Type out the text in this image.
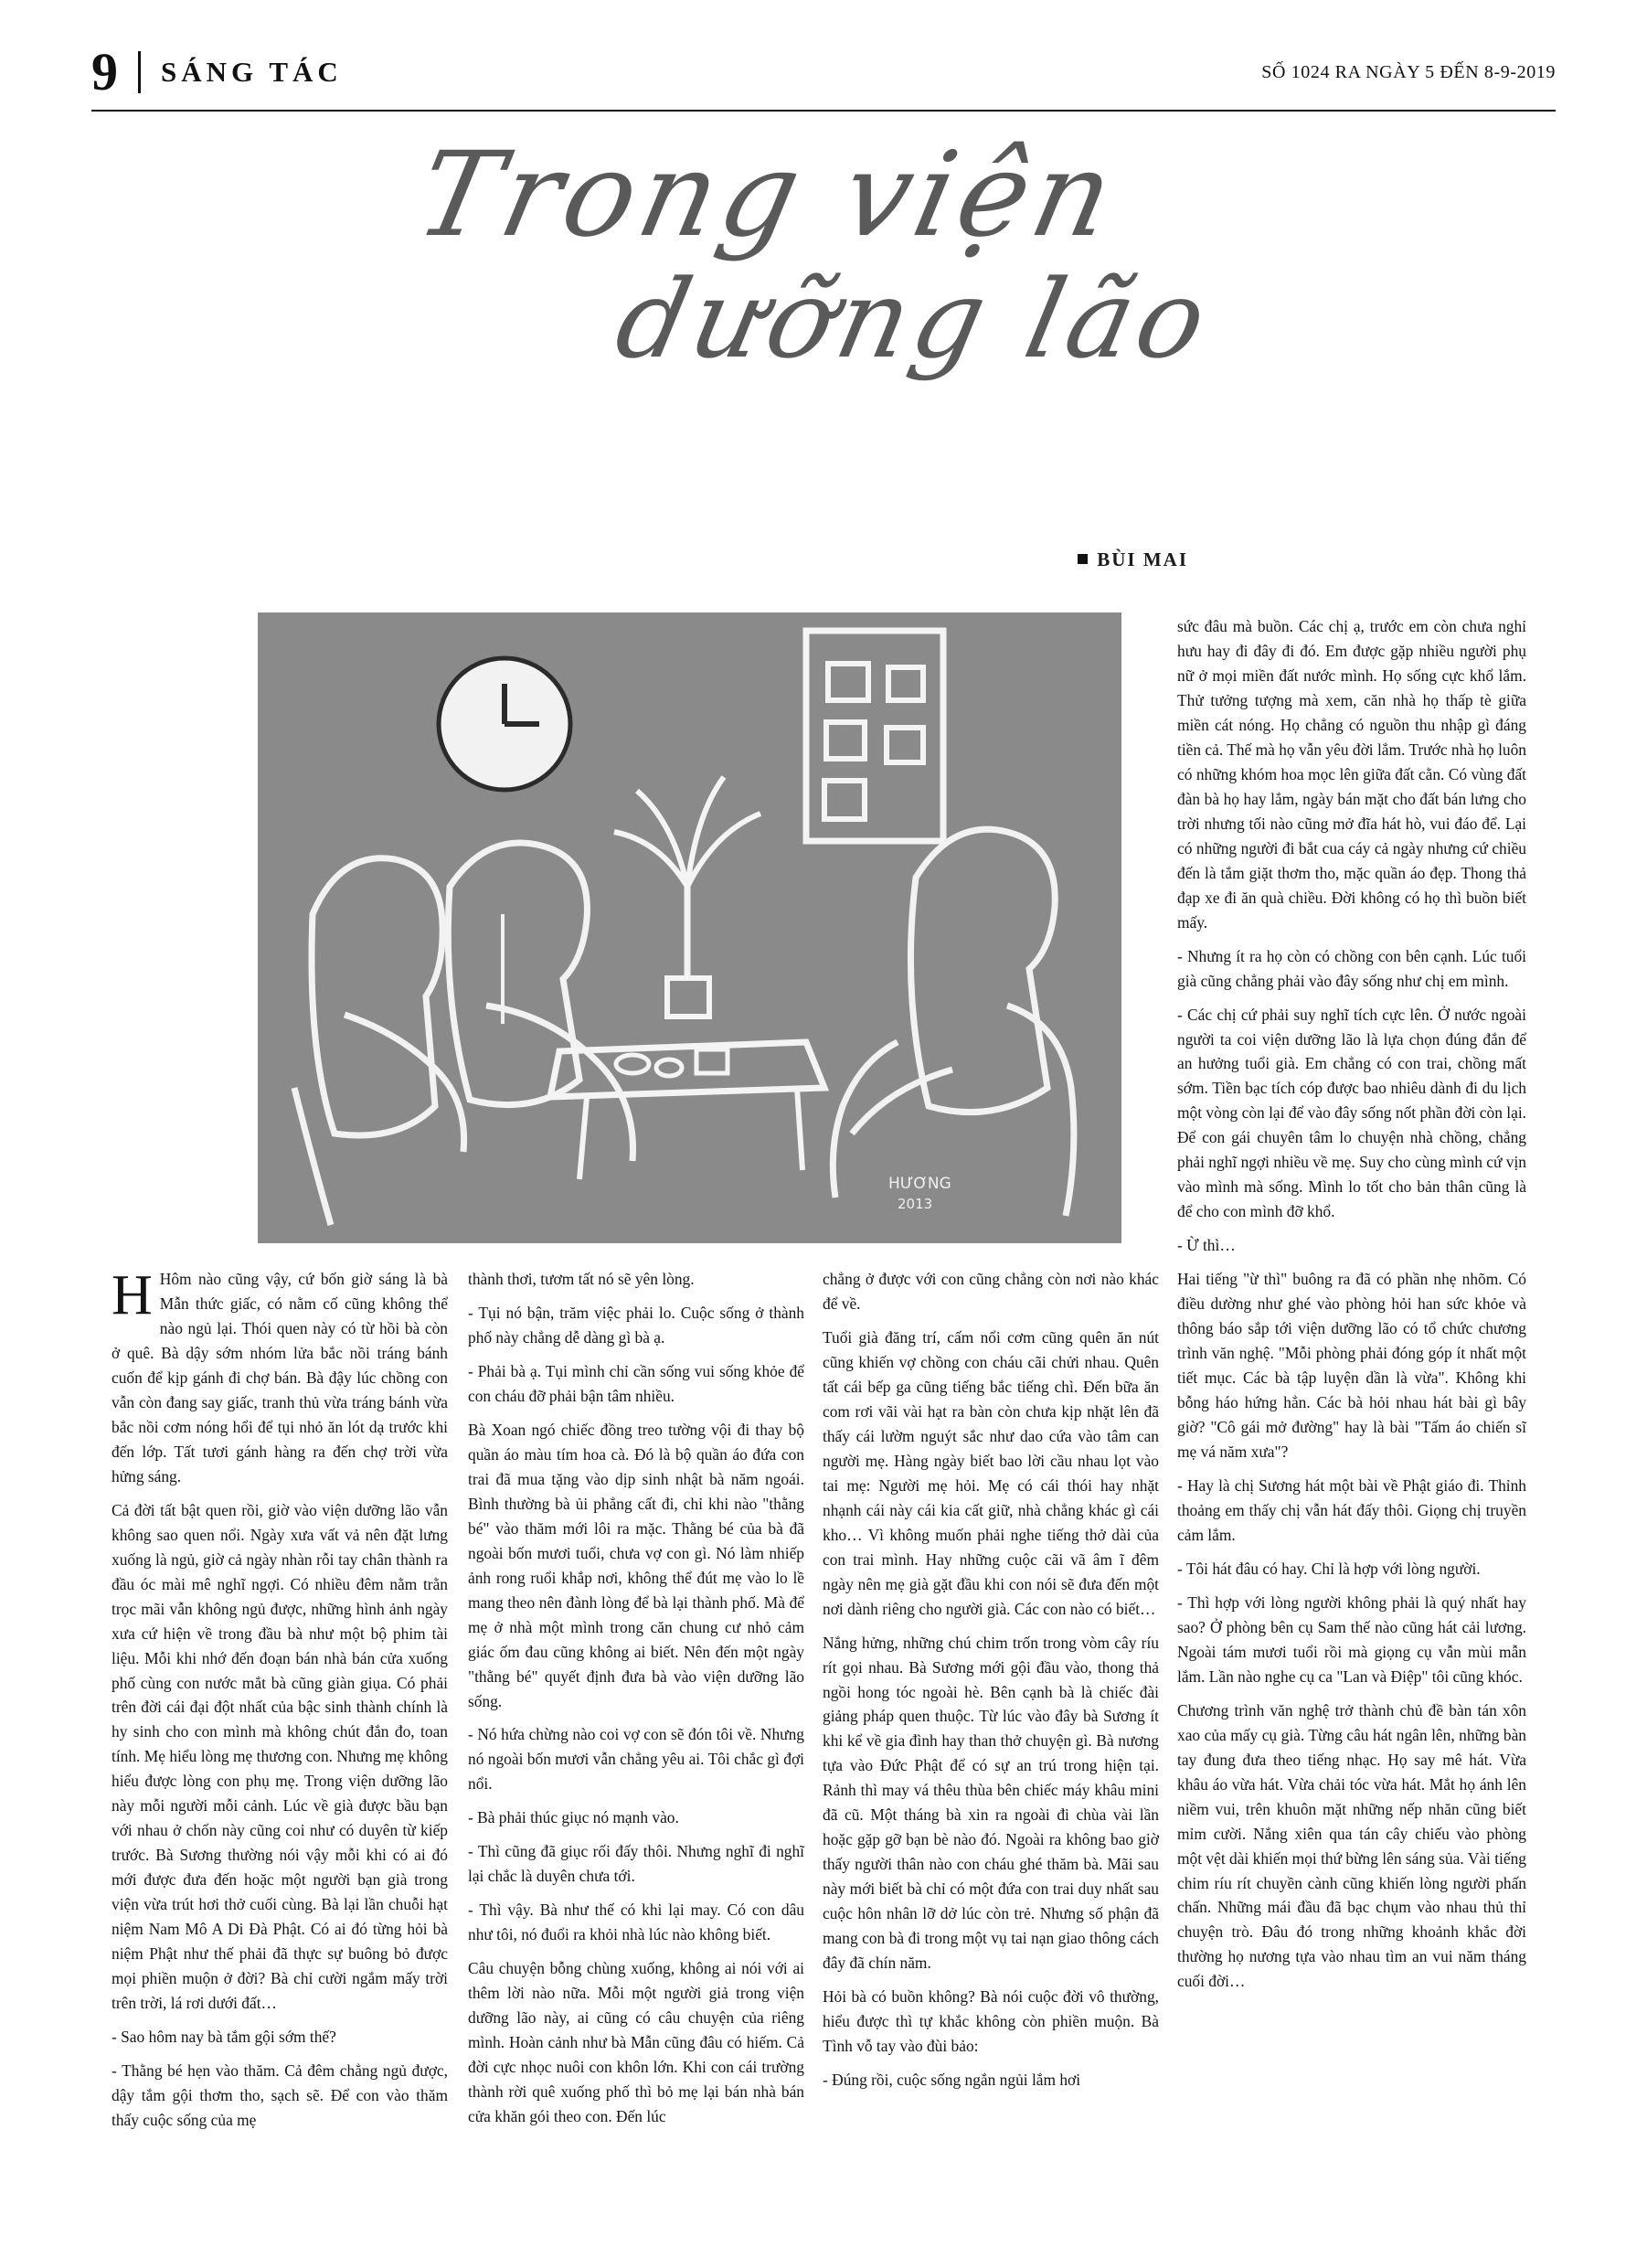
9 SÁNG TÁC	SỐ 1024 RA NGÀY 5 ĐẾN 8-9-2019
Trong viện
dưỡng lão
BÙI MAI
HƯƠNG
2013

H Hôm nào cũng vậy, cứ bốn giờ sáng là bà Mẫn thức giấc, có nằm cố cũng không thể nào ngủ lại. Thói quen này có từ hồi bà còn ở quê. Bà dậy sớm nhóm lửa bắc nồi tráng bánh cuốn để kịp gánh đi chợ bán. Bà đậy lúc chồng con vẫn còn đang say giấc, tranh thủ vừa tráng bánh vừa bắc nồi cơm nóng hổi để tụi nhỏ ăn lót dạ trước khi đến lớp. Tất tươi gánh hàng ra đến chợ trời vừa hửng sáng.

Cả đời tất bật quen rồi, giờ vào viện dưỡng lão vẫn không sao quen nổi. Ngày xưa vất vả nên đặt lưng xuống là ngủ, giờ cả ngày nhàn rỗi tay chân thành ra đầu óc mài mê nghĩ ngợi. Có nhiều đêm nằm trằn trọc mãi vẫn không ngủ được, những hình ảnh ngày xưa cứ hiện về trong đầu bà như một bộ phim tài liệu. Mỗi khi nhớ đến đoạn bán nhà bán cửa xuống phố cùng con nước mắt bà cũng giàn giụa. Có phải trên đời cái đại đột nhất của bậc sinh thành chính là hy sinh cho con mình mà không chút đắn đo, toan tính. Mẹ hiểu lòng mẹ thương con. Nhưng mẹ không hiểu được lòng con phụ mẹ. Trong viện dưỡng lão này mỗi người mỗi cảnh. Lúc về già được bầu bạn với nhau ở chốn này cũng coi như có duyên từ kiếp trước. Bà Sương thường nói vậy mỗi khi có ai đó mới được đưa đến hoặc một người bạn già trong viện vừa trút hơi thở cuối cùng. Bà lại lần chuỗi hạt niệm Nam Mô A Di Đà Phật. Có ai đó từng hỏi bà niệm Phật như thế phải đã thực sự buông bỏ được mọi phiền muộn ở đời? Bà chỉ cười ngắm mấy trời trên trời, lá rơi dưới đất…

- Sao hôm nay bà tắm gội sớm thế?

- Thằng bé hẹn vào thăm. Cả đêm chẳng ngủ được, dậy tắm gội thơm tho, sạch sẽ. Để con vào thăm thấy cuộc sống của mẹ

thành thơi, tươm tất nó sẽ yên lòng.

- Tụi nó bận, trăm việc phải lo. Cuộc sống ở thành phố này chẳng dễ dàng gì bà ạ.

- Phải bà ạ. Tụi mình chỉ cần sống vui sống khỏe để con cháu đỡ phải bận tâm nhiều.

Bà Xoan ngó chiếc đồng treo tường vội đi thay bộ quần áo màu tím hoa cà. Đó là bộ quần áo đứa con trai đã mua tặng vào dịp sinh nhật bà năm ngoái. Bình thường bà ủi phẳng cất đi, chỉ khi nào "thằng bé" vào thăm mới lôi ra mặc. Thằng bé của bà đã ngoài bốn mươi tuổi, chưa vợ con gì. Nó làm nhiếp ảnh rong ruổi khắp nơi, không thể đút mẹ vào lo lề mang theo nên đành lòng để bà lại thành phố. Mà để mẹ ở nhà một mình trong căn chung cư nhỏ cảm giác ốm đau cũng không ai biết. Nên đến một ngày "thằng bé" quyết định đưa bà vào viện dưỡng lão sống.

- Nó hứa chừng nào coi vợ con sẽ đón tôi về. Nhưng nó ngoài bốn mươi vẫn chẳng yêu ai. Tôi chắc gì đợi nổi.

- Bà phải thúc giục nó mạnh vào.

- Thì cũng đã giục rối đấy thôi. Nhưng nghĩ đi nghĩ lại chắc là duyên chưa tới.

- Thì vậy. Bà như thế có khi lại may. Có con dâu như tôi, nó đuổi ra khỏi nhà lúc nào không biết.

Câu chuyện bỗng chùng xuống, không ai nói với ai thêm lời nào nữa. Mỗi một người giả trong viện dưỡng lão này, ai cũng có câu chuyện của riêng mình. Hoàn cảnh như bà Mẫn cũng đâu có hiếm. Cả đời cực nhọc nuôi con khôn lớn. Khi con cái trường thành rời quê xuống phố thì bỏ mẹ lại bán nhà bán cửa khăn gói theo con. Đến lúc

chẳng ở được với con cũng chẳng còn nơi nào khác để về.

Tuổi già đăng trí, cấm nổi cơm cũng quên ăn nút cũng khiến vợ chồng con cháu cãi chửi nhau. Quên tất cái bếp ga cũng tiếng bắc tiếng chì. Đến bữa ăn com rơi vãi vài hạt ra bàn còn chưa kịp nhặt lên đã thấy cái lườm nguýt sắc như dao cứa vào tâm can người mẹ. Hàng ngày biết bao lời cầu nhau lọt vào tai mẹ: Người mẹ hỏi. Mẹ có cái thói hay nhặt nhạnh cái này cái kia cất giữ, nhà chẳng khác gì cái kho… Vì không muốn phải nghe tiếng thở dài của con trai mình. Hay những cuộc cãi vã âm ĩ đêm ngày nên mẹ già gặt đầu khi con nói sẽ đưa đến một nơi dành riêng cho người già. Các con nào có biết…

Nắng hửng, những chú chim trốn trong vòm cây ríu rít gọi nhau. Bà Sương mới gội đầu vào, thong thả ngồi hong tóc ngoài hè. Bên cạnh bà là chiếc đài giảng pháp quen thuộc. Từ lúc vào đây bà Sương ít khi kể về gia đình hay than thở chuyện gì. Bà nương tựa vào Đức Phật để có sự an trú trong hiện tại. Rảnh thì may vá thêu thùa bên chiếc máy khâu mini đã cũ. Một tháng bà xin ra ngoài đi chùa vài lần hoặc gặp gỡ bạn bè nào đó. Ngoài ra không bao giờ thấy người thân nào con cháu ghé thăm bà. Mãi sau này mới biết bà chỉ có một đứa con trai duy nhất sau cuộc hôn nhân lỡ dở lúc còn trẻ. Nhưng số phận đã mang con bà đi trong một vụ tai nạn giao thông cách đây đã chín năm.

Hỏi bà có buồn không? Bà nói cuộc đời vô thường, hiểu được thì tự khắc không còn phiền muộn. Bà Tình vỗ tay vào đùi bảo:

- Đúng rồi, cuộc sống ngắn ngủi lắm hơi

sức đâu mà buồn. Các chị ạ, trước em còn chưa nghỉ hưu hay đi đây đi đó. Em được gặp nhiều người phụ nữ ở mọi miền đất nước mình. Họ sống cực khổ lắm. Thử tưởng tượng mà xem, căn nhà họ thấp tè giữa miền cát nóng. Họ chẳng có nguồn thu nhập gì đáng tiền cả. Thế mà họ vẫn yêu đời lắm. Trước nhà họ luôn có những khóm hoa mọc lên giữa đất cằn. Có vùng đất đàn bà họ hay lắm, ngày bán mặt cho đất bán lưng cho trời nhưng tối nào cũng mở đĩa hát hò, vui đáo để. Lại có những người đi bắt cua cáy cả ngày nhưng cứ chiều đến là tắm giặt thơm tho, mặc quần áo đẹp. Thong thả đạp xe đi ăn quà chiều. Đời không có họ thì buồn biết mấy.

- Nhưng ít ra họ còn có chồng con bên cạnh. Lúc tuổi già cũng chẳng phải vào đây sống như chị em mình.

- Các chị cứ phải suy nghĩ tích cực lên. Ở nước ngoài người ta coi viện dưỡng lão là lựa chọn đúng đắn để an hưởng tuổi già. Em chẳng có con trai, chồng mất sớm. Tiền bạc tích cóp được bao nhiêu dành đi du lịch một vòng còn lại để vào đây sống nốt phần đời còn lại. Để con gái chuyên tâm lo chuyện nhà chồng, chẳng phải nghĩ ngợi nhiều về mẹ. Suy cho cùng mình cứ vịn vào mình mà sống. Mình lo tốt cho bản thân cũng là để cho con mình đỡ khổ.

- Ừ thì…

Hai tiếng "ừ thì" buông ra đã có phần nhẹ nhõm. Có điều dường như ghé vào phòng hỏi han sức khỏe và thông báo sắp tới viện dưỡng lão có tổ chức chương trình văn nghệ. "Mỗi phòng phải đóng góp ít nhất một tiết mục. Các bà tập luyện dần là vừa". Không khi bỗng háo hứng hẳn. Các bà hỏi nhau hát bài gì bây giờ? "Cô gái mở đường" hay là bài "Tấm áo chiến sĩ mẹ vá năm xưa"?

- Hay là chị Sương hát một bài về Phật giáo đi. Thỉnh thoảng em thấy chị vẫn hát đấy thôi. Giọng chị truyền cảm lắm.

- Tôi hát đâu có hay. Chỉ là hợp với lòng người.

- Thì hợp với lòng người không phải là quý nhất hay sao? Ở phòng bên cụ Sam thế nào cũng hát cải lương. Ngoài tám mươi tuổi rồi mà giọng cụ vẫn mùi mẫn lắm. Lần nào nghe cụ ca "Lan và Điệp" tôi cũng khóc.

Chương trình văn nghệ trở thành chủ đề bàn tán xôn xao của mấy cụ già. Từng câu hát ngân lên, những bàn tay đung đưa theo tiếng nhạc. Họ say mê hát. Vừa khâu áo vừa hát. Vừa chải tóc vừa hát. Mắt họ ánh lên niềm vui, trên khuôn mặt những nếp nhăn cũng biết mỉm cười. Nắng xiên qua tán cây chiếu vào phòng một vệt dài khiến mọi thứ bừng lên sáng sủa. Vài tiếng chim ríu rít chuyền cành cũng khiến lòng người phấn chấn. Những mái đầu đã bạc chụm vào nhau thủ thỉ chuyện trò. Đâu đó trong những khoảnh khắc đời thường họ nương tựa vào nhau tìm an vui năm tháng cuối đời…
